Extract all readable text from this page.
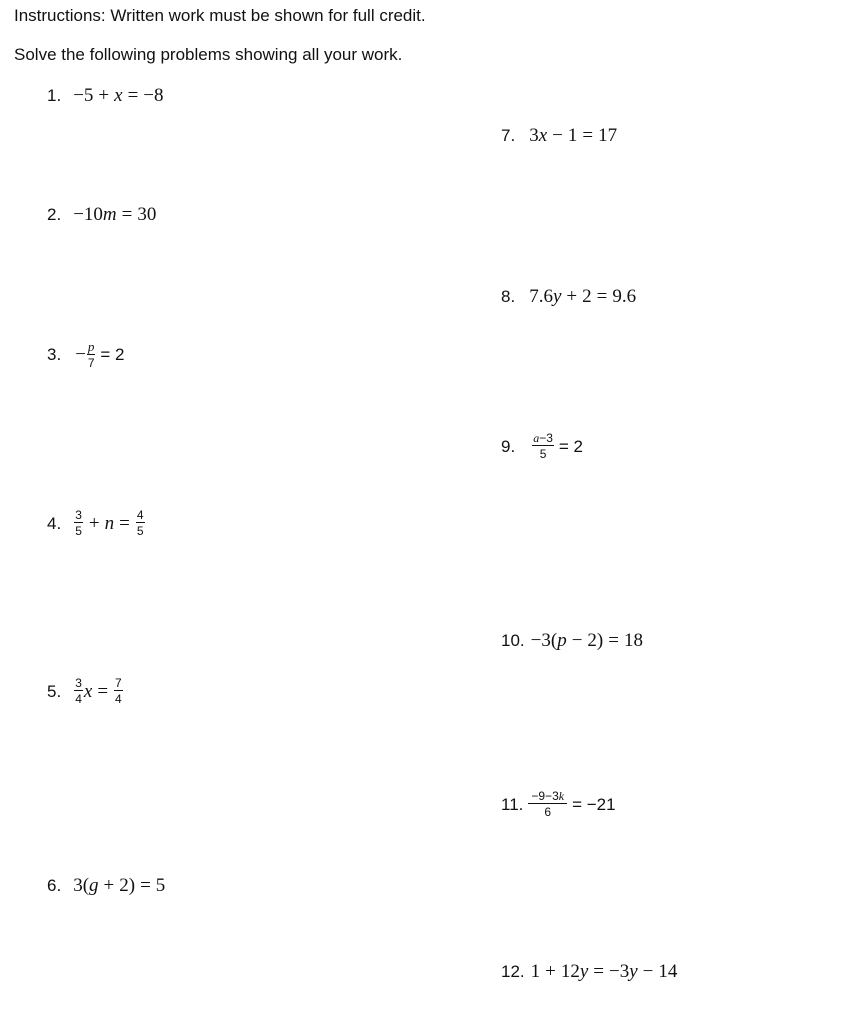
Instructions: Written work must be shown for full credit.
Solve the following problems showing all your work.
1. −5 + x = −8
2. −10 m = 30
3. − $\frac{p}{7} = 2$
4. $\frac{3}{5} + n = \frac{4}{5}$
5. $\frac{3}{4}$ $x = \frac{7}{4}$
6. 3( g + 2) = 5
7. 3 x − 1 = 17
8. 7.6 y + 2 = 9.6
9. $\frac{a-3}{5} = 2$
10. −3( p − 2) = 18
11. $\frac{-9-3k}{6} = -21$
12. 1 + 12 y = −3 y − 14
